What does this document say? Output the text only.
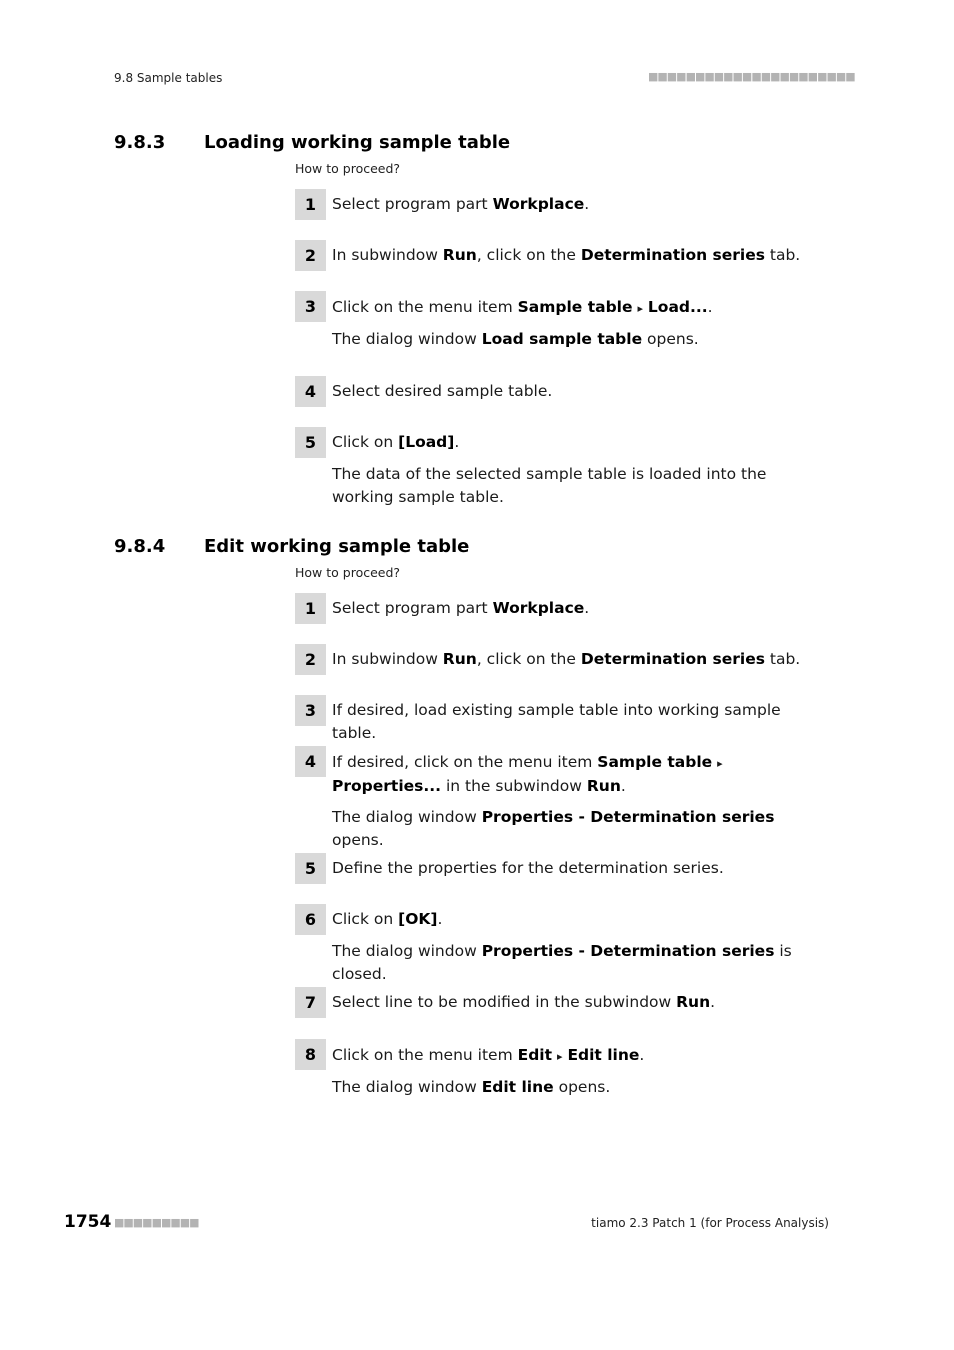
9.8 Sample tables	■■■■■■■■■■■■■■■■■■■■■■
9.8.3 Loading working sample table
How to proceed?
1	Select program part Workplace.
2	In subwindow Run, click on the Determination series tab.
3	Click on the menu item Sample table ▸ Load....
The dialog window Load sample table opens.
4	Select desired sample table.
5	Click on [Load].
The data of the selected sample table is loaded into the working sample table.
9.8.4 Edit working sample table
How to proceed?
1	Select program part Workplace.
2	In subwindow Run, click on the Determination series tab.
3	If desired, load existing sample table into working sample table.
4	If desired, click on the menu item Sample table ▸ Properties... in the subwindow Run.
The dialog window Properties - Determination series opens.
5	Define the properties for the determination series.
6	Click on [OK].
The dialog window Properties - Determination series is closed.
7	Select line to be modified in the subwindow Run.
8	Click on the menu item Edit ▸ Edit line.
The dialog window Edit line opens.
1754 ■■■■■■■■■	tiamo 2.3 Patch 1 (for Process Analysis)
